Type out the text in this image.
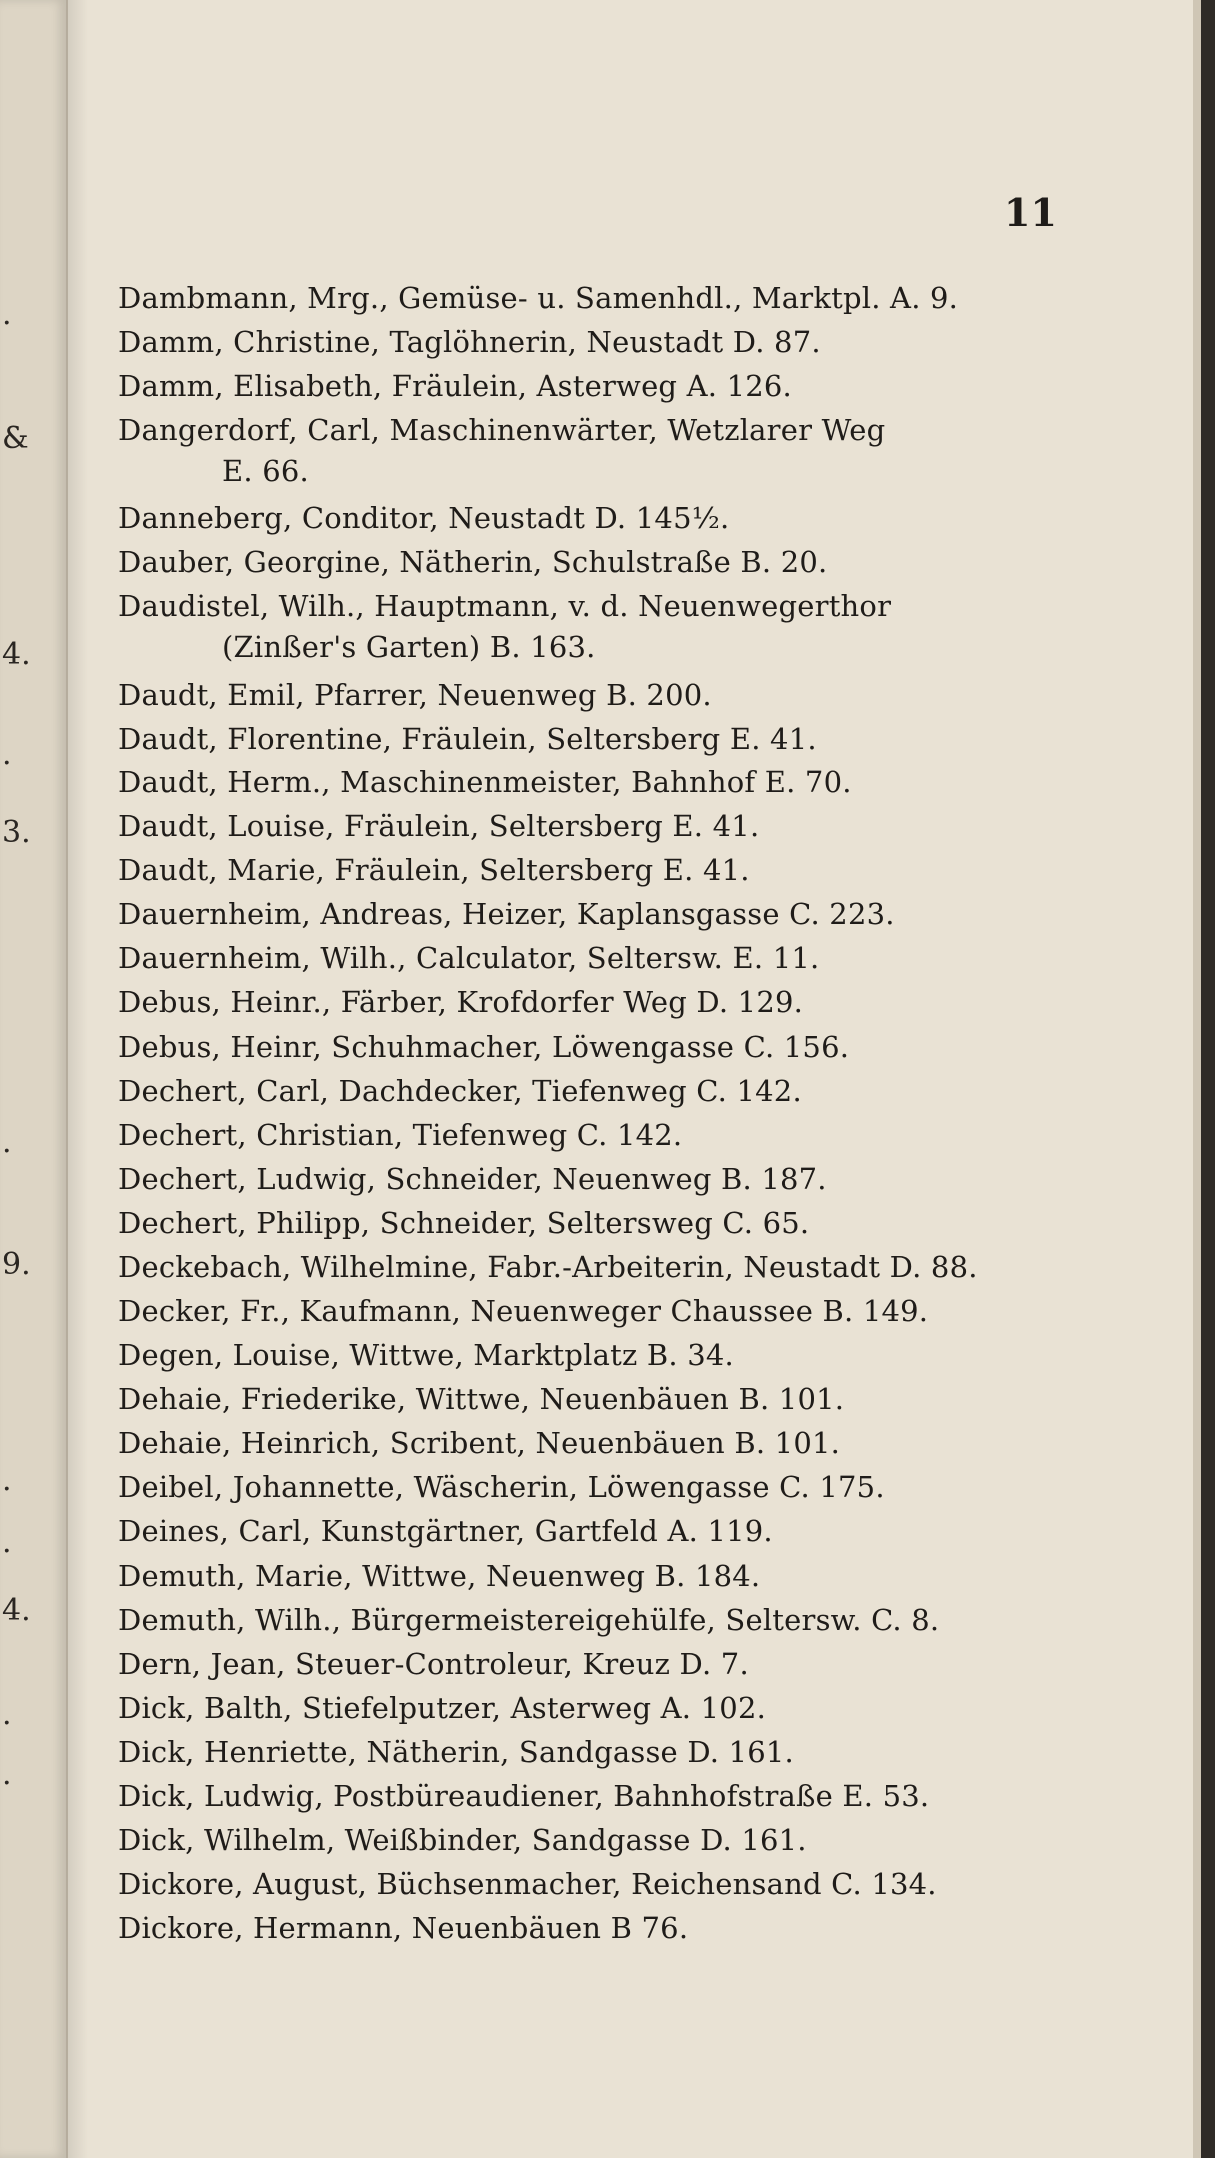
.
&
4.
.
3.
.
9.
.
.
4.
.
.
11
Dambmann, Mrg., Gemüse- u. Samenhdl., Marktpl. A. 9.
Damm, Christine, Taglöhnerin, Neustadt D. 87.
Damm, Elisabeth, Fräulein, Asterweg A. 126.
Dangerdorf, Carl, Maschinenwärter, Wetzlarer Weg
E. 66.
Danneberg, Conditor, Neustadt D. 145½.
Dauber, Georgine, Nätherin, Schulstraße B. 20.
Daudistel, Wilh., Hauptmann, v. d. Neuenwegerthor
(Zinßer's Garten) B. 163.
Daudt, Emil, Pfarrer, Neuenweg B. 200.
Daudt, Florentine, Fräulein, Seltersberg E. 41.
Daudt, Herm., Maschinenmeister, Bahnhof E. 70.
Daudt, Louise, Fräulein, Seltersberg E. 41.
Daudt, Marie, Fräulein, Seltersberg E. 41.
Dauernheim, Andreas, Heizer, Kaplansgasse C. 223.
Dauernheim, Wilh., Calculator, Seltersw. E. 11.
Debus, Heinr., Färber, Krofdorfer Weg D. 129.
Debus, Heinr, Schuhmacher, Löwengasse C. 156.
Dechert, Carl, Dachdecker, Tiefenweg C. 142.
Dechert, Christian, Tiefenweg C. 142.
Dechert, Ludwig, Schneider, Neuenweg B. 187.
Dechert, Philipp, Schneider, Seltersweg C. 65.
Deckebach, Wilhelmine, Fabr.-Arbeiterin, Neustadt D. 88.
Decker, Fr., Kaufmann, Neuenweger Chaussee B. 149.
Degen, Louise, Wittwe, Marktplatz B. 34.
Dehaie, Friederike, Wittwe, Neuenbäuen B. 101.
Dehaie, Heinrich, Scribent, Neuenbäuen B. 101.
Deibel, Johannette, Wäscherin, Löwengasse C. 175.
Deines, Carl, Kunstgärtner, Gartfeld A. 119.
Demuth, Marie, Wittwe, Neuenweg B. 184.
Demuth, Wilh., Bürgermeistereigehülfe, Seltersw. C. 8.
Dern, Jean, Steuer-Controleur, Kreuz D. 7.
Dick, Balth, Stiefelputzer, Asterweg A. 102.
Dick, Henriette, Nätherin, Sandgasse D. 161.
Dick, Ludwig, Postbüreaudiener, Bahnhofstraße E. 53.
Dick, Wilhelm, Weißbinder, Sandgasse D. 161.
Dickore, August, Büchsenmacher, Reichensand C. 134.
Dickore, Hermann, Neuenbäuen B 76.
